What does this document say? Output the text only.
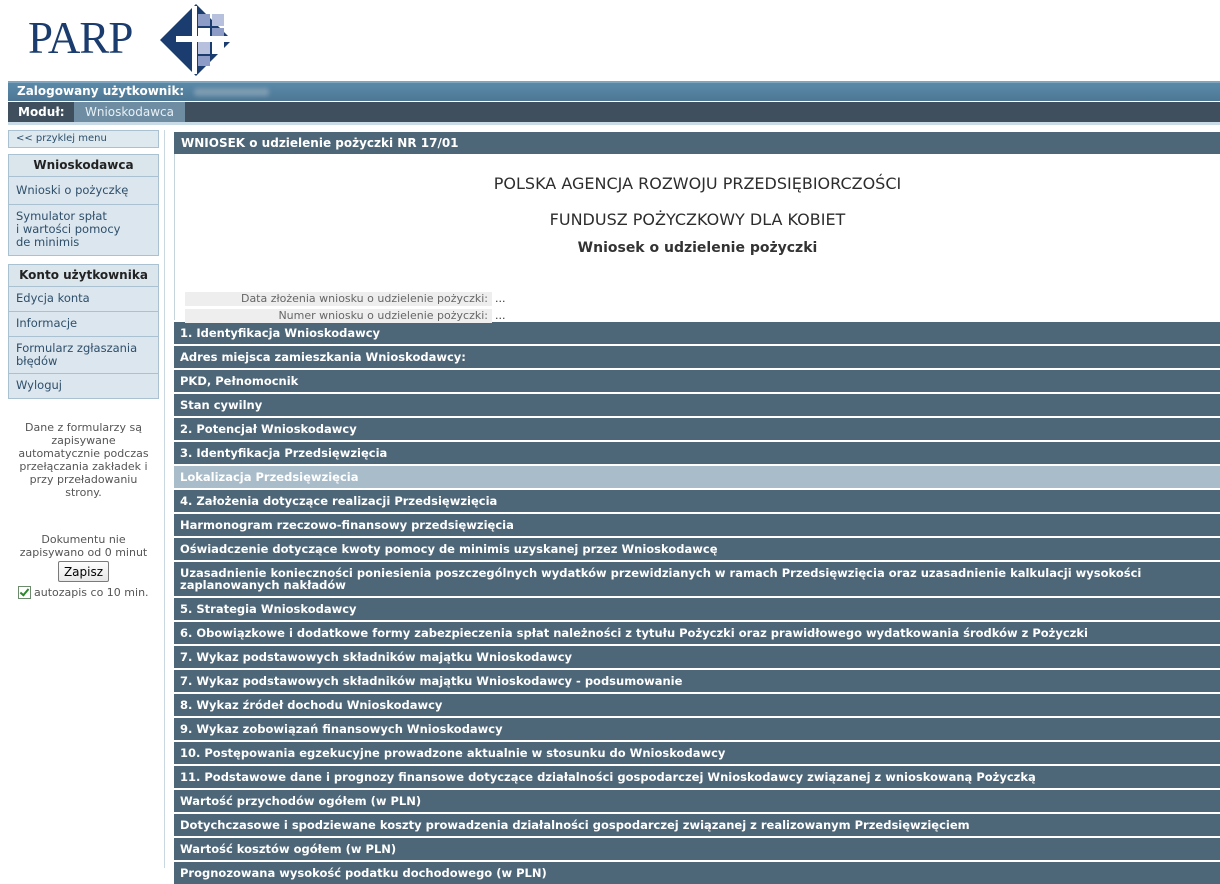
PARP
Zalogowany użytkownik:
Moduł:	Wnioskodawca
<< przyklej menu
Wnioskodawca
Wnioski o pożyczkę
Symulator spłat
i wartości pomocy
de minimis
Konto użytkownika
Edycja konta
Informacje
Formularz zgłaszania
błędów
Wyloguj
Dane z formularzy są zapisywane automatycznie podczas przełączania zakładek i przy przeładowaniu strony.
Dokumentu nie zapisywano od 0 minut
Zapisz
autozapis co 10 min.
WNIOSEK o udzielenie pożyczki NR 17/01
POLSKA AGENCJA ROZWOJU PRZEDSIĘBIORCZOŚCI
FUNDUSZ POŻYCZKOWY DLA KOBIET
Wniosek o udzielenie pożyczki
Data złożenia wniosku o udzielenie pożyczki: ...
Numer wniosku o udzielenie pożyczki: ...
1. Identyfikacja Wnioskodawcy
Adres miejsca zamieszkania Wnioskodawcy:
PKD, Pełnomocnik
Stan cywilny
2. Potencjał Wnioskodawcy
3. Identyfikacja Przedsięwzięcia
Lokalizacja Przedsięwzięcia
4. Założenia dotyczące realizacji Przedsięwzięcia
Harmonogram rzeczowo-finansowy przedsięwzięcia
Oświadczenie dotyczące kwoty pomocy de minimis uzyskanej przez Wnioskodawcę
Uzasadnienie konieczności poniesienia poszczególnych wydatków przewidzianych w ramach Przedsięwzięcia oraz uzasadnienie kalkulacji wysokości zaplanowanych nakładów
5. Strategia Wnioskodawcy
6. Obowiązkowe i dodatkowe formy zabezpieczenia spłat należności z tytułu Pożyczki oraz prawidłowego wydatkowania środków z Pożyczki
7. Wykaz podstawowych składników majątku Wnioskodawcy
7. Wykaz podstawowych składników majątku Wnioskodawcy - podsumowanie
8. Wykaz źródeł dochodu Wnioskodawcy
9. Wykaz zobowiązań finansowych Wnioskodawcy
10. Postępowania egzekucyjne prowadzone aktualnie w stosunku do Wnioskodawcy
11. Podstawowe dane i prognozy finansowe dotyczące działalności gospodarczej Wnioskodawcy związanej z wnioskowaną Pożyczką
Wartość przychodów ogółem (w PLN)
Dotychczasowe i spodziewane koszty prowadzenia działalności gospodarczej związanej z realizowanym Przedsięwzięciem
Wartość kosztów ogółem (w PLN)
Prognozowana wysokość podatku dochodowego (w PLN)
